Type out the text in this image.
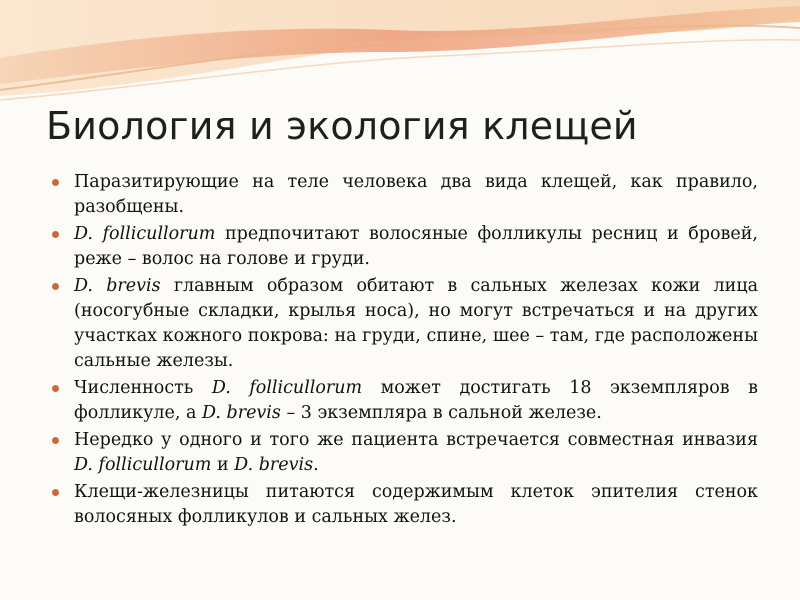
Биология и экология клещей
Паразитирующие на теле человека два вида клещей, как правило, разобщены.
D. follicullorum предпочитают волосяные фолликулы ресниц и бровей, реже – волос на голове и груди.
D. brevis главным образом обитают в сальных железах кожи лица (носогубные складки, крылья носа), но могут встречаться и на других участках кожного покрова: на груди, спине, шее – там, где расположены сальные железы.
Численность D. follicullorum может достигать 18 экземпляров в фолликуле, а D. brevis – 3 экземпляра в сальной железе.
Нередко у одного и того же пациента встречается совместная инвазия D. follicullorum и D. brevis.
Клещи-железницы питаются содержимым клеток эпителия стенок волосяных фолликулов и сальных желез.
